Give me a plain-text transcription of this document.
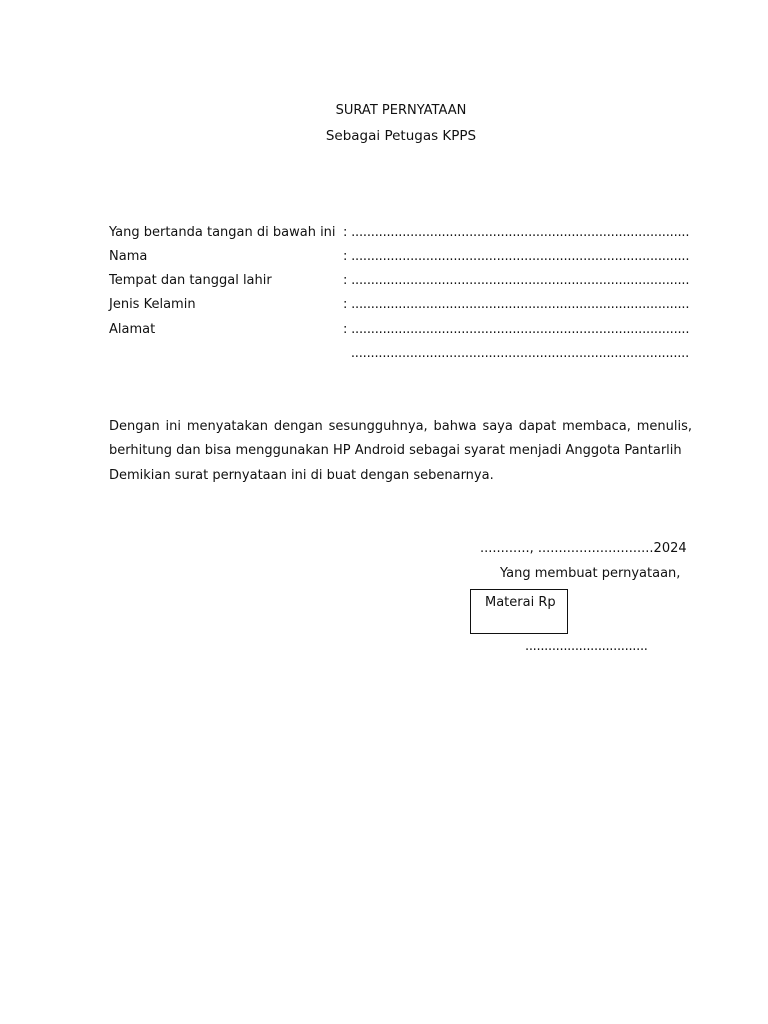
SURAT PERNYATAAN
Sebagai Petugas KPPS
Yang bertanda tangan di bawah ini : ......................................................................................
Nama	: ......................................................................................
Tempat dan tanggal lahir	: ......................................................................................
Jenis Kelamin	: ......................................................................................
Alamat	: ......................................................................................
......................................................................................
Dengan ini menyatakan dengan sesungguhnya, bahwa saya dapat membaca, menulis,
berhitung dan bisa menggunakan HP Android sebagai syarat menjadi Anggota Pantarlih
Demikian surat pernyataan ini di buat dengan sebenarnya.
............, ............................2024
Yang membuat pernyataan,
Materai Rp
................................
